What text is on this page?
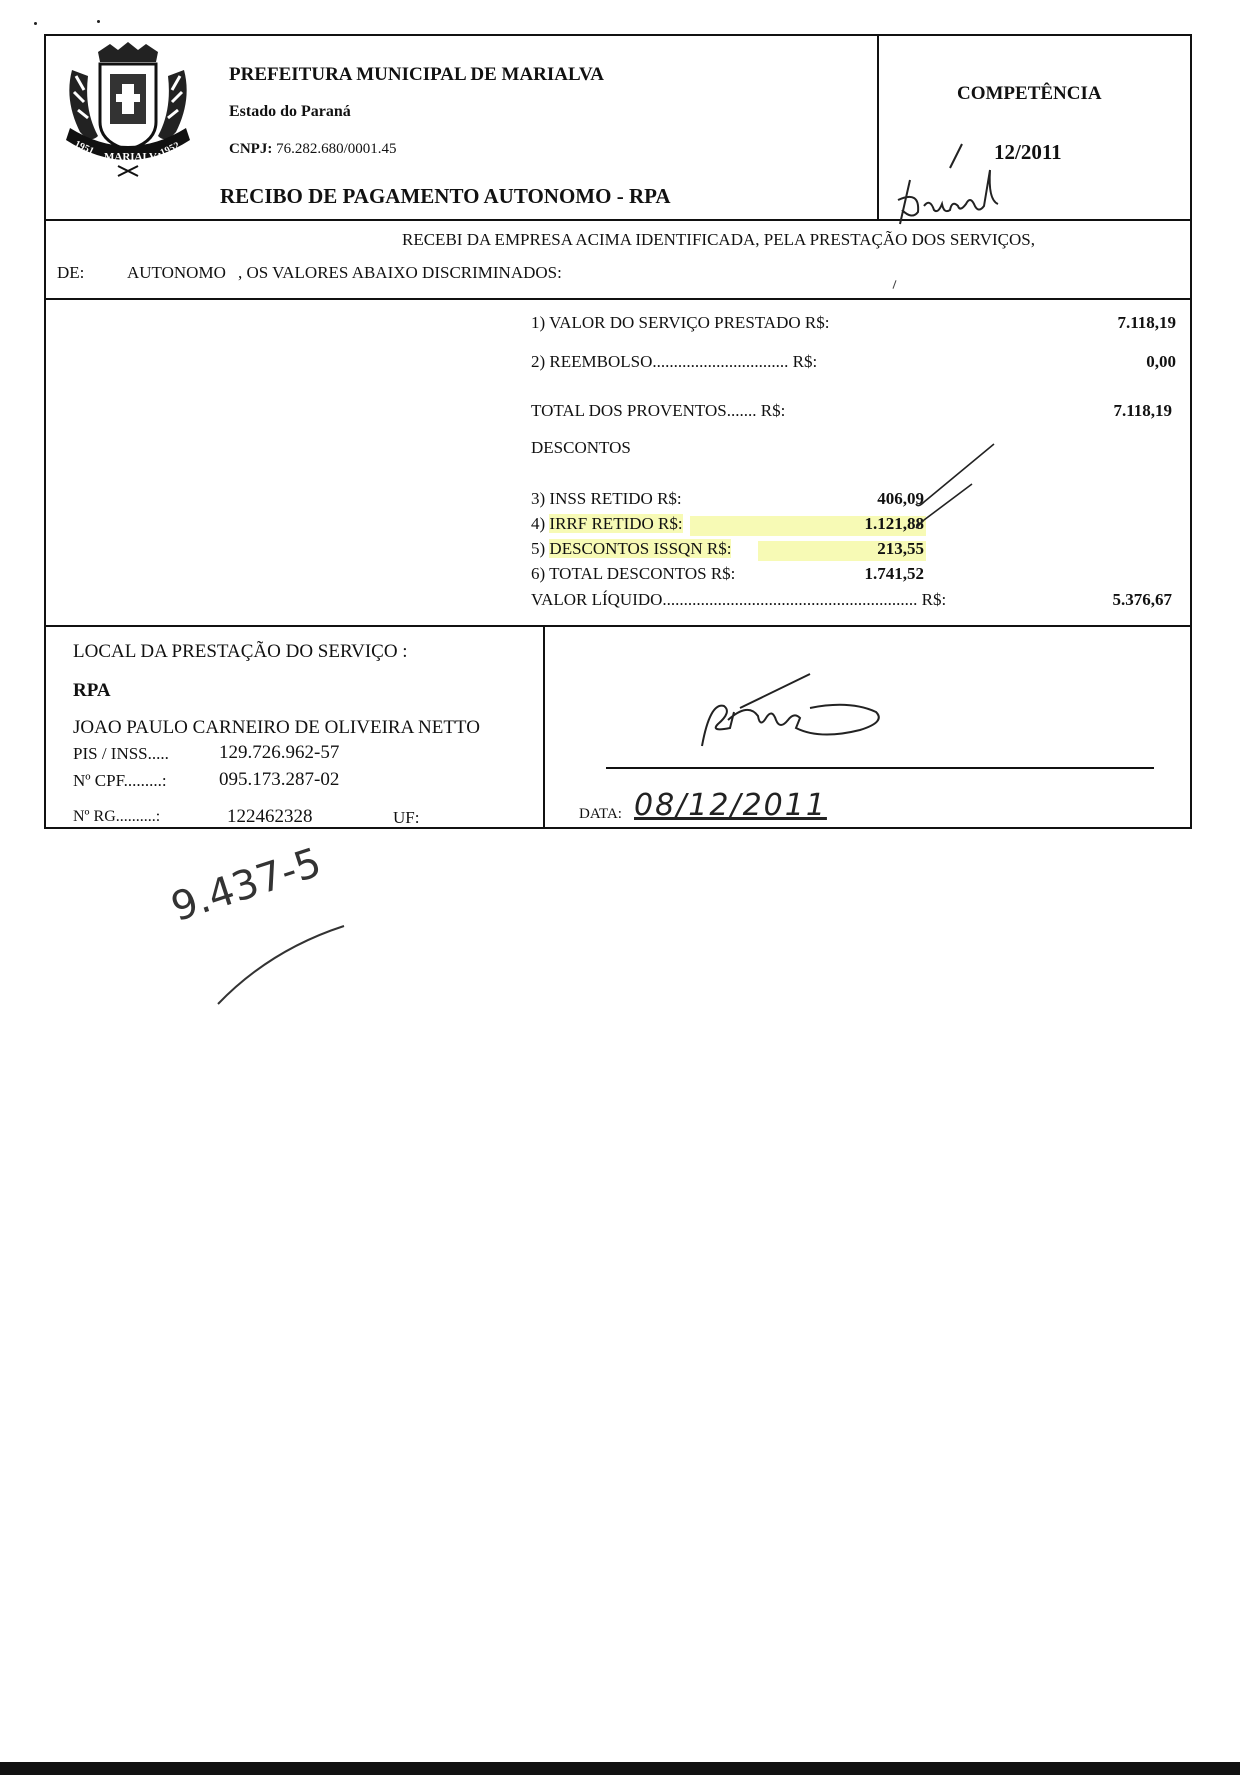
1951 MARIALVA
1952
PREFEITURA MUNICIPAL DE MARIALVA
Estado do Paraná
CNPJ: 76.282.680/0001.45
RECIBO DE PAGAMENTO AUTONOMO - RPA
COMPETÊNCIA
12/2011
RECEBI DA EMPRESA ACIMA IDENTIFICADA, PELA PRESTAÇÃO DOS SERVIÇOS,
DE:	AUTONOMO , OS VALORES ABAIXO DISCRIMINADOS:
1) VALOR DO SERVIÇO PRESTADO R$:	7.118,19
2) REEMBOLSO................................ R$:	0,00
TOTAL DOS PROVENTOS....... R$:	7.118,19
DESCONTOS
3) INSS RETIDO R$:	406,09
4) IRRF RETIDO R$:	1.121,88
5) DESCONTOS ISSQN R$:	213,55
6) TOTAL DESCONTOS R$:	1.741,52
VALOR LÍQUIDO............................................................ R$:	5.376,67
LOCAL DA PRESTAÇÃO DO SERVIÇO :
RPA
JOAO PAULO CARNEIRO DE OLIVEIRA NETTO
PIS / INSS.....	129.726.962-57
Nº CPF.........:	095.173.287-02
Nº RG..........:	122462328	UF:	DATA: 08/12/2011
9.437-5
